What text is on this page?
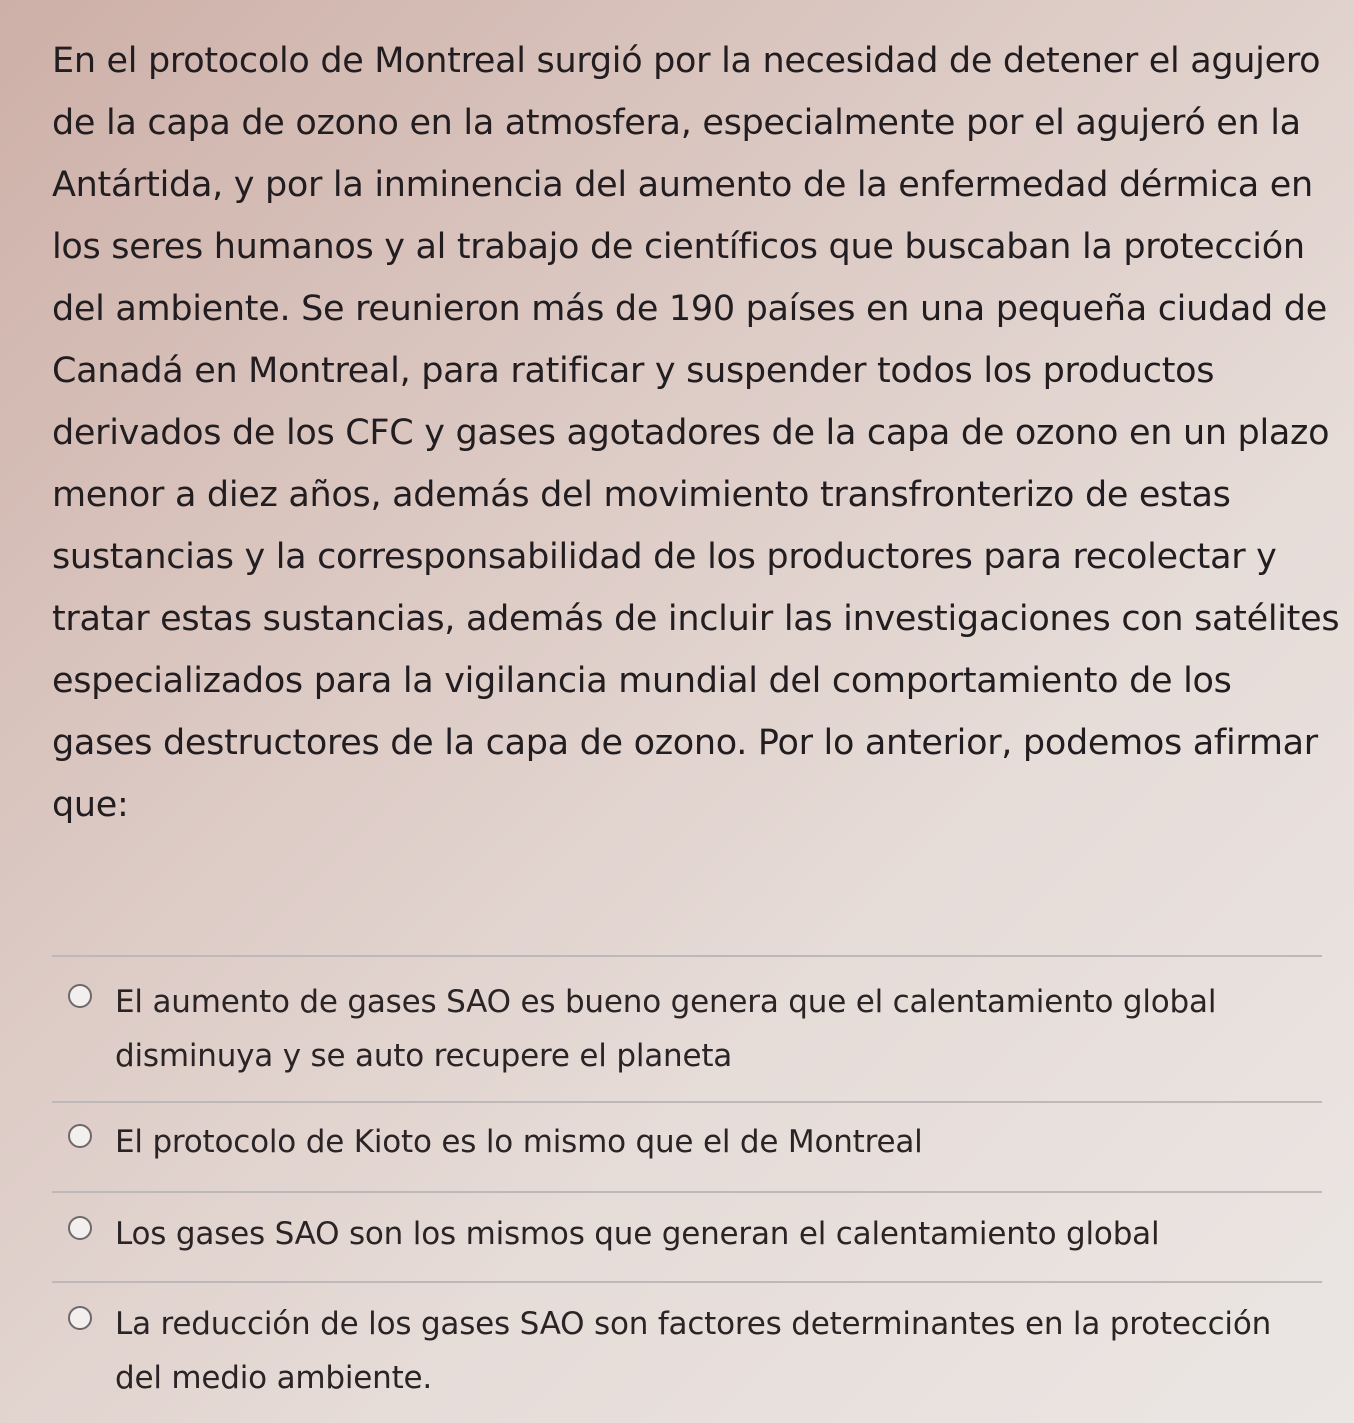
En el protocolo de Montreal surgió por la necesidad de detener el agujero de la capa de ozono en la atmosfera, especialmente por el agujeró en la Antártida, y por la inminencia del aumento de la enfermedad dérmica en los seres humanos y al trabajo de científicos que buscaban la protección del ambiente. Se reunieron más de 190 países en una pequeña ciudad de Canadá en Montreal, para ratificar y suspender todos los productos derivados de los CFC y gases agotadores de la capa de ozono en un plazo menor a diez años, además del movimiento transfronterizo de estas sustancias y la corresponsabilidad de los productores para recolectar y tratar estas sustancias, además de incluir las investigaciones con satélites especializados para la vigilancia mundial del comportamiento de los gases destructores de la capa de ozono. Por lo anterior, podemos afirmar que:

El aumento de gases SAO es bueno genera que el calentamiento global disminuya y se auto recupere el planeta
El protocolo de Kioto es lo mismo que el de Montreal
Los gases SAO son los mismos que generan el calentamiento global
La reducción de los gases SAO son factores determinantes en la protección del medio ambiente.
